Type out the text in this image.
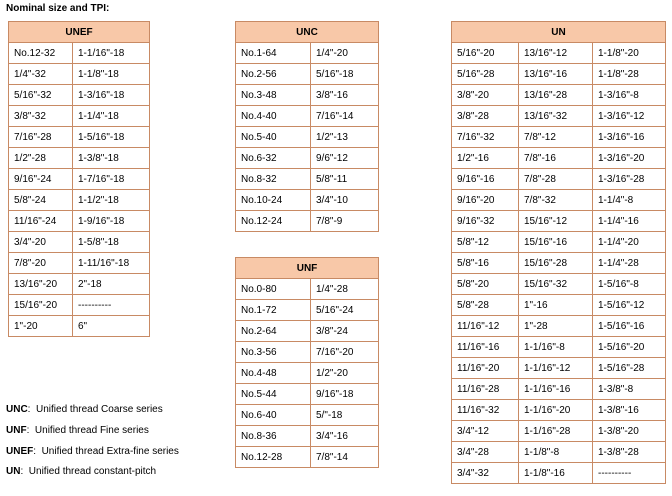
Nominal size and TPI:
UNEF	
No.12-32	1-1/16"-18
1/4"-32	1-1/8"-18
5/16"-32	1-3/16"-18
3/8"-32	1-1/4"-18
7/16"-28	1-5/16"-18
1/2"-28	1-3/8"-18
9/16"-24	1-7/16"-18
5/8"-24	1-1/2"-18
11/16"-24	1-9/16"-18
3/4"-20	1-5/8"-18
7/8"-20	1-11/16"-18
13/16"-20	2"-18
15/16"-20	----------
1"-20	6"
UNC	
No.1-64	1/4"-20
No.2-56	5/16"-18
No.3-48	3/8"-16
No.4-40	7/16"-14
No.5-40	1/2"-13
No.6-32	9/6"-12
No.8-32	5/8"-11
No.10-24	3/4"-10
No.12-24	7/8"-9
UNF	
No.0-80	1/4"-28
No.1-72	5/16"-24
No.2-64	3/8"-24
No.3-56	7/16"-20
No.4-48	1/2"-20
No.5-44	9/16"-18
No.6-40	5/"-18
No.8-36	3/4"-16
No.12-28	7/8"-14
UN		
5/16"-20	13/16"-12	1-1/8"-20
5/16"-28	13/16"-16	1-1/8"-28
3/8"-20	13/16"-28	1-3/16"-8
3/8"-28	13/16"-32	1-3/16"-12
7/16"-32	7/8"-12	1-3/16"-16
1/2"-16	7/8"-16	1-3/16"-20
9/16"-16	7/8"-28	1-3/16"-28
9/16"-20	7/8"-32	1-1/4"-8
9/16"-32	15/16"-12	1-1/4"-16
5/8"-12	15/16"-16	1-1/4"-20
5/8"-16	15/16"-28	1-1/4"-28
5/8"-20	15/16"-32	1-5/16"-8
5/8"-28	1"-16	1-5/16"-12
11/16"-12	1"-28	1-5/16"-16
11/16"-16	1-1/16"-8	1-5/16"-20
11/16"-20	1-1/16"-12	1-5/16"-28
11/16"-28	1-1/16"-16	1-3/8"-8
11/16"-32	1-1/16"-20	1-3/8"-16
3/4"-12	1-1/16"-28	1-3/8"-20
3/4"-28	1-1/8"-8	1-3/8"-28
3/4"-32	1-1/8"-16	----------
UNC:  Unified thread Coarse series
UNF:  Unified thread Fine series
UNEF:  Unified thread Extra-fine series
UN:  Unified thread constant-pitch
